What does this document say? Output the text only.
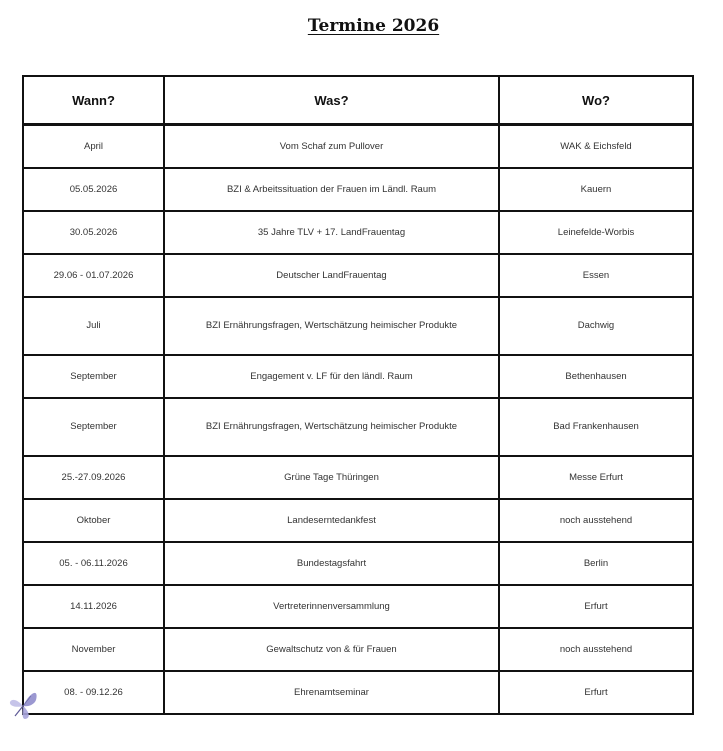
Termine 2026
Wann?	Was?	Wo?
April	Vom Schaf zum Pullover	WAK & Eichsfeld
05.05.2026	BZI & Arbeitssituation der Frauen im Ländl. Raum	Kauern
30.05.2026	35 Jahre TLV + 17. LandFrauentag	Leinefelde-Worbis
29.06 - 01.07.2026	Deutscher LandFrauentag	Essen
Juli	BZI Ernährungsfragen, Wertschätzung heimischer Produkte	Dachwig
September	Engagement v. LF für den ländl. Raum	Bethenhausen
September	BZI Ernährungsfragen, Wertschätzung heimischer Produkte	Bad Frankenhausen
25.-27.09.2026	Grüne Tage Thüringen	Messe Erfurt
Oktober	Landeserntedankfest	noch ausstehend
05. - 06.11.2026	Bundestagsfahrt	Berlin
14.11.2026	Vertreterinnenversammlung	Erfurt
November	Gewaltschutz von & für Frauen	noch ausstehend
08. - 09.12.26	Ehrenamtseminar	Erfurt
